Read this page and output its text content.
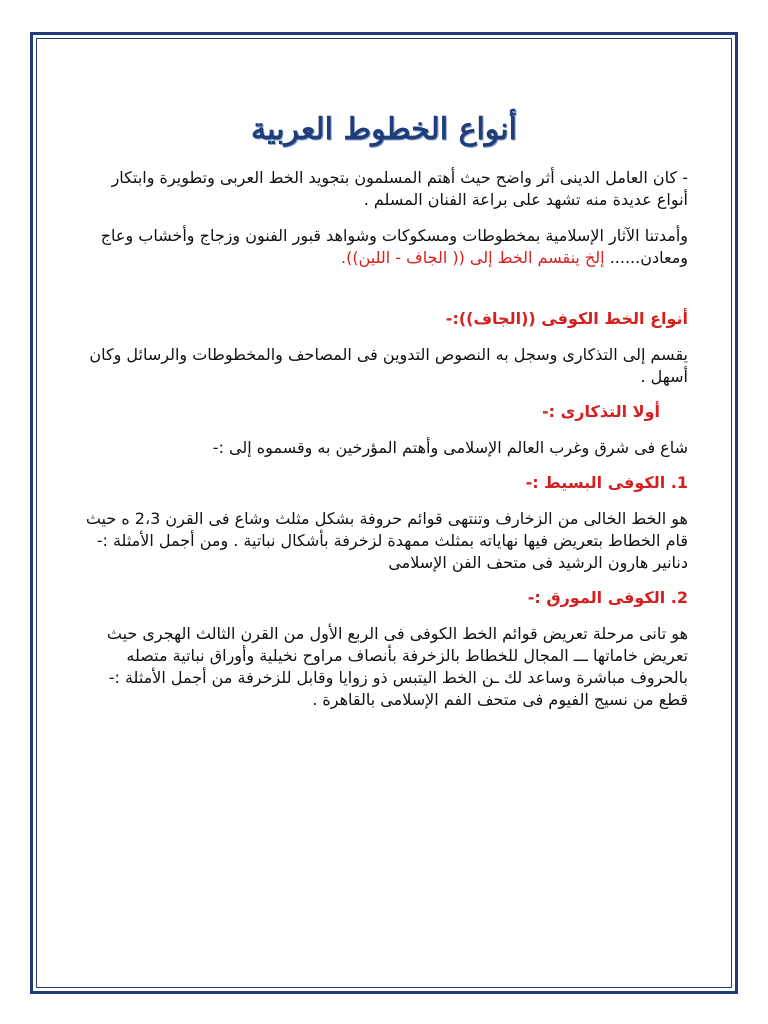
أنواع الخطوط العربية

- كان العامل الدينى أثر واضح حيث أهتم المسلمون بتجويد الخط العربى وتطويرة وابتكار أنواع عديدة منه تشهد على براعة الفنان المسلم .

وأمدتنا الآثار الإسلامية بمخطوطات ومسكوكات وشواهد قبور الفنون وزجاج وأخشاب وعاج ومعادن...... إلخ ينقسم الخط إلى (( الجاف - اللين)).

أنواع الخط الكوفى ((الجاف)):-

يقسم إلى التذكارى وسجل به النصوص التدوين فى المصاحف والمخطوطات والرسائل وكان أسهل .

أولا التذكارى :-

شاع فى شرق وغرب العالم الإسلامى وأهتم المؤرخين به وقسموه إلى :-

1. الكوفى البسيط :-

هو الخط الخالى من الزخارف وتنتهى قوائم حروفة بشكل مثلث وشاع فى القرن 2،3 ه حيث قام الخطاط بتعريض فيها نهاياته بمثلث ممهدة لزخرفة بأشكال نباتية . ومن أجمل الأمثلة :- دنانير هارون الرشيد فى متحف الفن الإسلامى

2. الكوفى المورق :-

هو تانى مرحلة تعريض قوائم الخط الكوفى فى الربع الأول من القرن الثالث الهجرى حيث تعريض خاماتها ـــ المجال للخطاط بالزخرفة بأنصاف مراوح نخيلية وأوراق نباتية متصله بالحروف مباشرة وساعد لك ـن الخط اليتبس ذو زوايا وقابل للزخرفة من أجمل الأمثلة :- قطع من نسيج الفيوم فى متحف الفم الإسلامى بالقاهرة .
